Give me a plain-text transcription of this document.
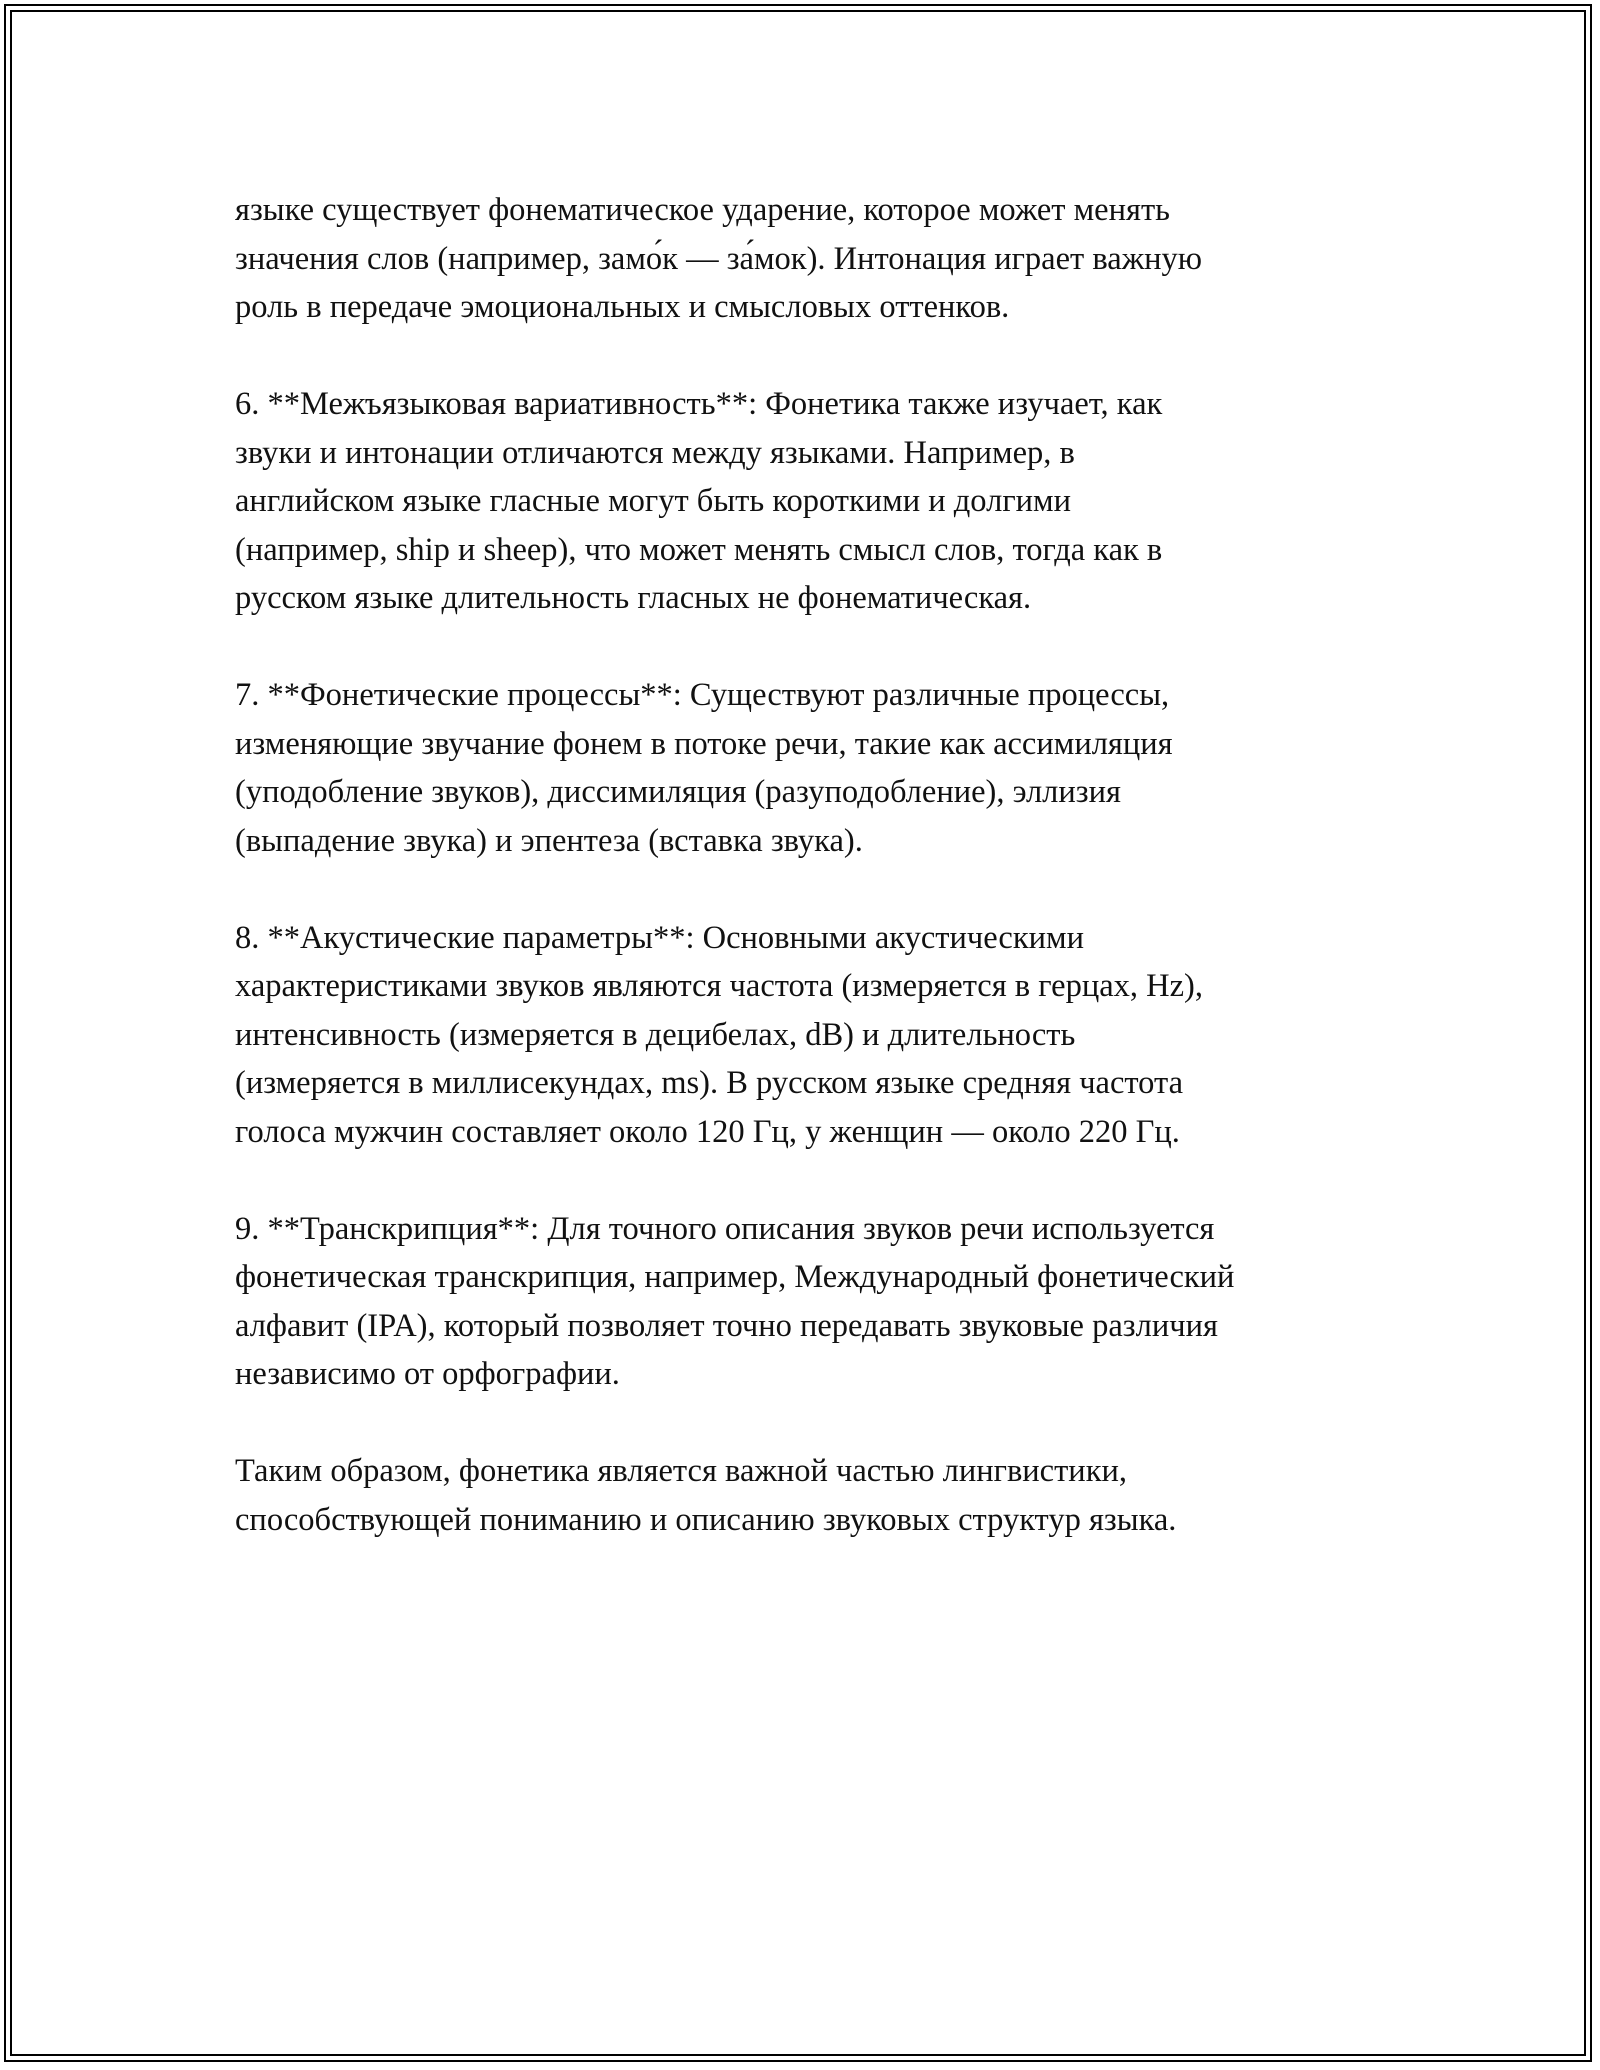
языке существует фонематическое ударение, которое может менять
значения слов (например, замо́к — за́мок). Интонация играет важную
роль в передаче эмоциональных и смысловых оттенков.

6. **Межъязыковая вариативность**: Фонетика также изучает, как
звуки и интонации отличаются между языками. Например, в
английском языке гласные могут быть короткими и долгими
(например, ship и sheep), что может менять смысл слов, тогда как в
русском языке длительность гласных не фонематическая.

7. **Фонетические процессы**: Существуют различные процессы,
изменяющие звучание фонем в потоке речи, такие как ассимиляция
(уподобление звуков), диссимиляция (разуподобление), эллизия
(выпадение звука) и эпентеза (вставка звука).

8. **Акустические параметры**: Основными акустическими
характеристиками звуков являются частота (измеряется в герцах, Hz),
интенсивность (измеряется в децибелах, dB) и длительность
(измеряется в миллисекундах, ms). В русском языке средняя частота
голоса мужчин составляет около 120 Гц, у женщин — около 220 Гц.

9. **Транскрипция**: Для точного описания звуков речи используется
фонетическая транскрипция, например, Международный фонетический
алфавит (IPA), который позволяет точно передавать звуковые различия
независимо от орфографии.

Таким образом, фонетика является важной частью лингвистики,
способствующей пониманию и описанию звуковых структур языка.
